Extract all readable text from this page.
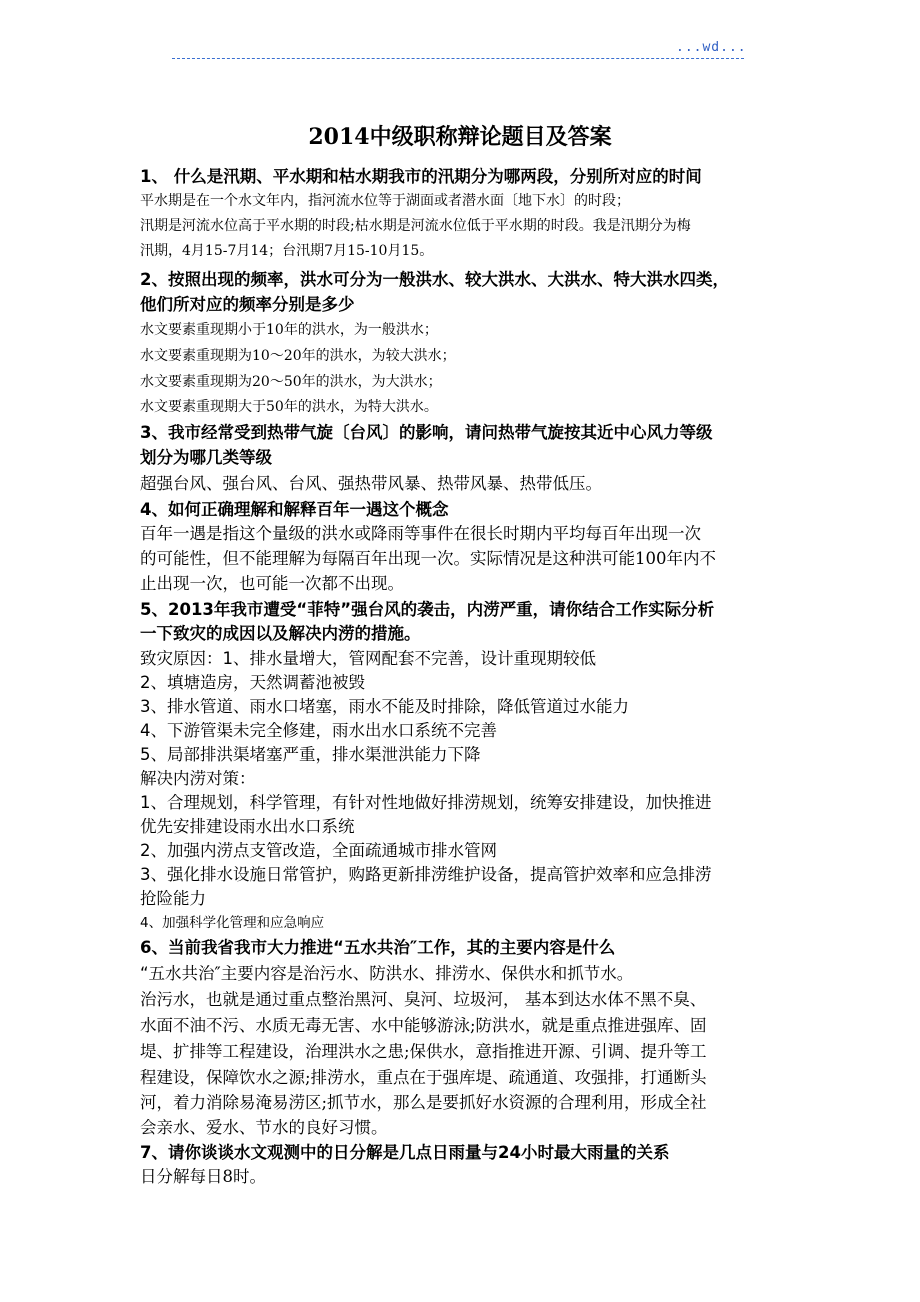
...wd...
2014中级职称辩论题目及答案
1、 什么是汛期、平水期和枯水期我市的汛期分为哪两段，分别所对应的时间
平水期是在一个水文年内，指河流水位等于湖面或者潜水面〔地下水〕的时段；
汛期是河流水位高于平水期的时段;枯水期是河流水位低于平水期的时段。我是汛期分为梅
汛期，4月15-7月14；台汛期7月15-10月15。
2、按照出现的频率，洪水可分为一般洪水、较大洪水、大洪水、特大洪水四类，
他们所对应的频率分别是多少
水文要素重现期小于10年的洪水，为一般洪水；
水文要素重现期为10～20年的洪水，为较大洪水；
水文要素重现期为20～50年的洪水，为大洪水；
水文要素重现期大于50年的洪水，为特大洪水。
3、我市经常受到热带气旋〔台风〕的影响，请问热带气旋按其近中心风力等级
划分为哪几类等级
超强台风、强台风、台风、强热带风暴、热带风暴、热带低压。
4、如何正确理解和解释百年一遇这个概念
百年一遇是指这个量级的洪水或降雨等事件在很长时期内平均每百年出现一次
的可能性，但不能理解为每隔百年出现一次。实际情况是这种洪可能100年内不
止出现一次，也可能一次都不出现。
5、2013年我市遭受“菲特”强台风的袭击，内涝严重，请你结合工作实际分析
一下致灾的成因以及解决内涝的措施。
致灾原因：1、排水量增大，管网配套不完善，设计重现期较低
2、填塘造房，天然调蓄池被毁
3、排水管道、雨水口堵塞，雨水不能及时排除，降低管道过水能力
4、下游管渠未完全修建，雨水出水口系统不完善
5、局部排洪渠堵塞严重，排水渠泄洪能力下降
解决内涝对策：
1、合理规划，科学管理，有针对性地做好排涝规划，统筹安排建设，加快推进
优先安排建设雨水出水口系统
2、加强内涝点支管改造，全面疏通城市排水管网
3、强化排水设施日常管护，购路更新排涝维护设备，提高管护效率和应急排涝
抢险能力
4、加强科学化管理和应急响应
6、当前我省我市大力推进“五水共治″工作，其的主要内容是什么
“五水共治″主要内容是治污水、防洪水、排涝水、保供水和抓节水。
治污水，也就是通过重点整治黑河、臭河、垃圾河， 基本到达水体不黑不臭、
水面不油不污、水质无毒无害、水中能够游泳;防洪水，就是重点推进强库、固
堤、扩排等工程建设，治理洪水之患;保供水，意指推进开源、引调、提升等工
程建设，保障饮水之源;排涝水，重点在于强库堤、疏通道、攻强排，打通断头
河，着力消除易淹易涝区;抓节水，那么是要抓好水资源的合理利用，形成全社
会亲水、爱水、节水的良好习惯。
7、请你谈谈水文观测中的日分解是几点日雨量与24小时最大雨量的关系
日分解每日8时。
